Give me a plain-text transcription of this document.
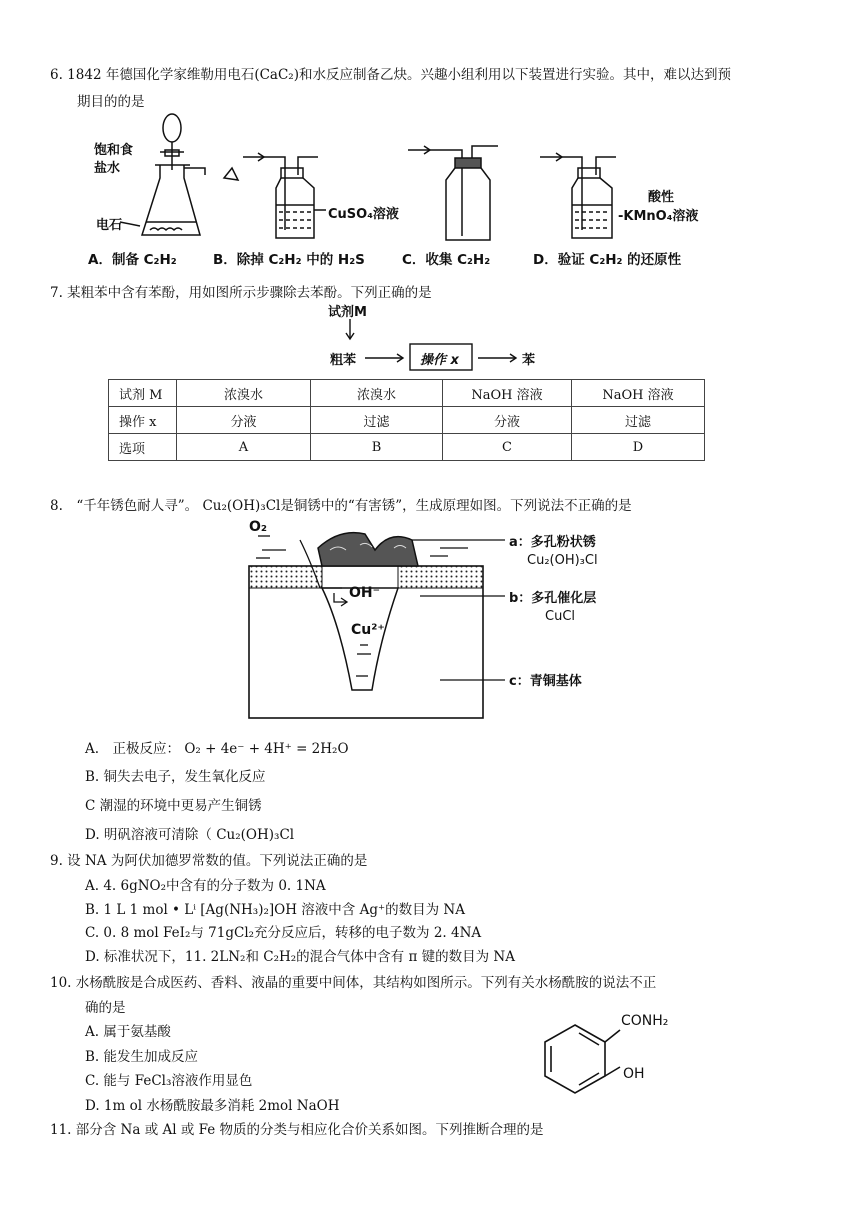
6. 1842 年德国化学家维勒用电石(CaC₂)和水反应制备乙炔。兴趣小组利用以下装置进行实验。其中，难以达到预
期目的的是
饱和食
盐水
电石
CuSO₄溶液
酸性
-KMnO₄溶液
A．制备 C₂H₂	B．除掉 C₂H₂ 中的 H₂S	C．收集 C₂H₂	D．验证 C₂H₂ 的还原性
7. 某粗苯中含有苯酚，用如图所示步骤除去苯酚。下列正确的是
试剂M
粗苯	操作 x	苯
试剂 M	浓溴水	浓溴水	NaOH 溶液	NaOH 溶液
操作 x	分液	过滤	分液	过滤
选项	A	B	C	D
8.　“千年锈色耐人寻”。 Cu₂(OH)₃Cl是铜锈中的“有害锈”，生成原理如图。下列说法不正确的是
O₂
OH⁻
Cu²⁺
a：多孔粉状锈
Cu₂(OH)₃Cl
b：多孔催化层
CuCl
c：青铜基体
A.　正极反应： O₂ + 4e⁻ + 4H⁺ = 2H₂O
B. 铜失去电子，发生氧化反应
C 潮湿的环境中更易产生铜锈
D. 明矾溶液可清除（ Cu₂(OH)₃Cl
9. 设 NA 为阿伏加德罗常数的值。下列说法正确的是
A. 4. 6gNO₂中含有的分子数为 0. 1NA
B. 1 L 1 mol • Lⁱ [Ag(NH₃)₂]OH 溶液中含 Ag⁺的数目为 NA
C. 0. 8 mol FeI₂与 71gCl₂充分反应后，转移的电子数为 2. 4NA
D. 标准状况下，11. 2LN₂和 C₂H₂的混合气体中含有 π 键的数目为 NA
10. 水杨酰胺是合成医药、香料、液晶的重要中间体，其结构如图所示。下列有关水杨酰胺的说法不正
确的是
CONH₂
OH
A. 属于氨基酸
B. 能发生加成反应
C. 能与 FeCl₃溶液作用显色
D. 1m ol 水杨酰胺最多消耗 2mol NaOH
11. 部分含 Na 或 Al 或 Fe 物质的分类与相应化合价关系如图。下列推断合理的是
